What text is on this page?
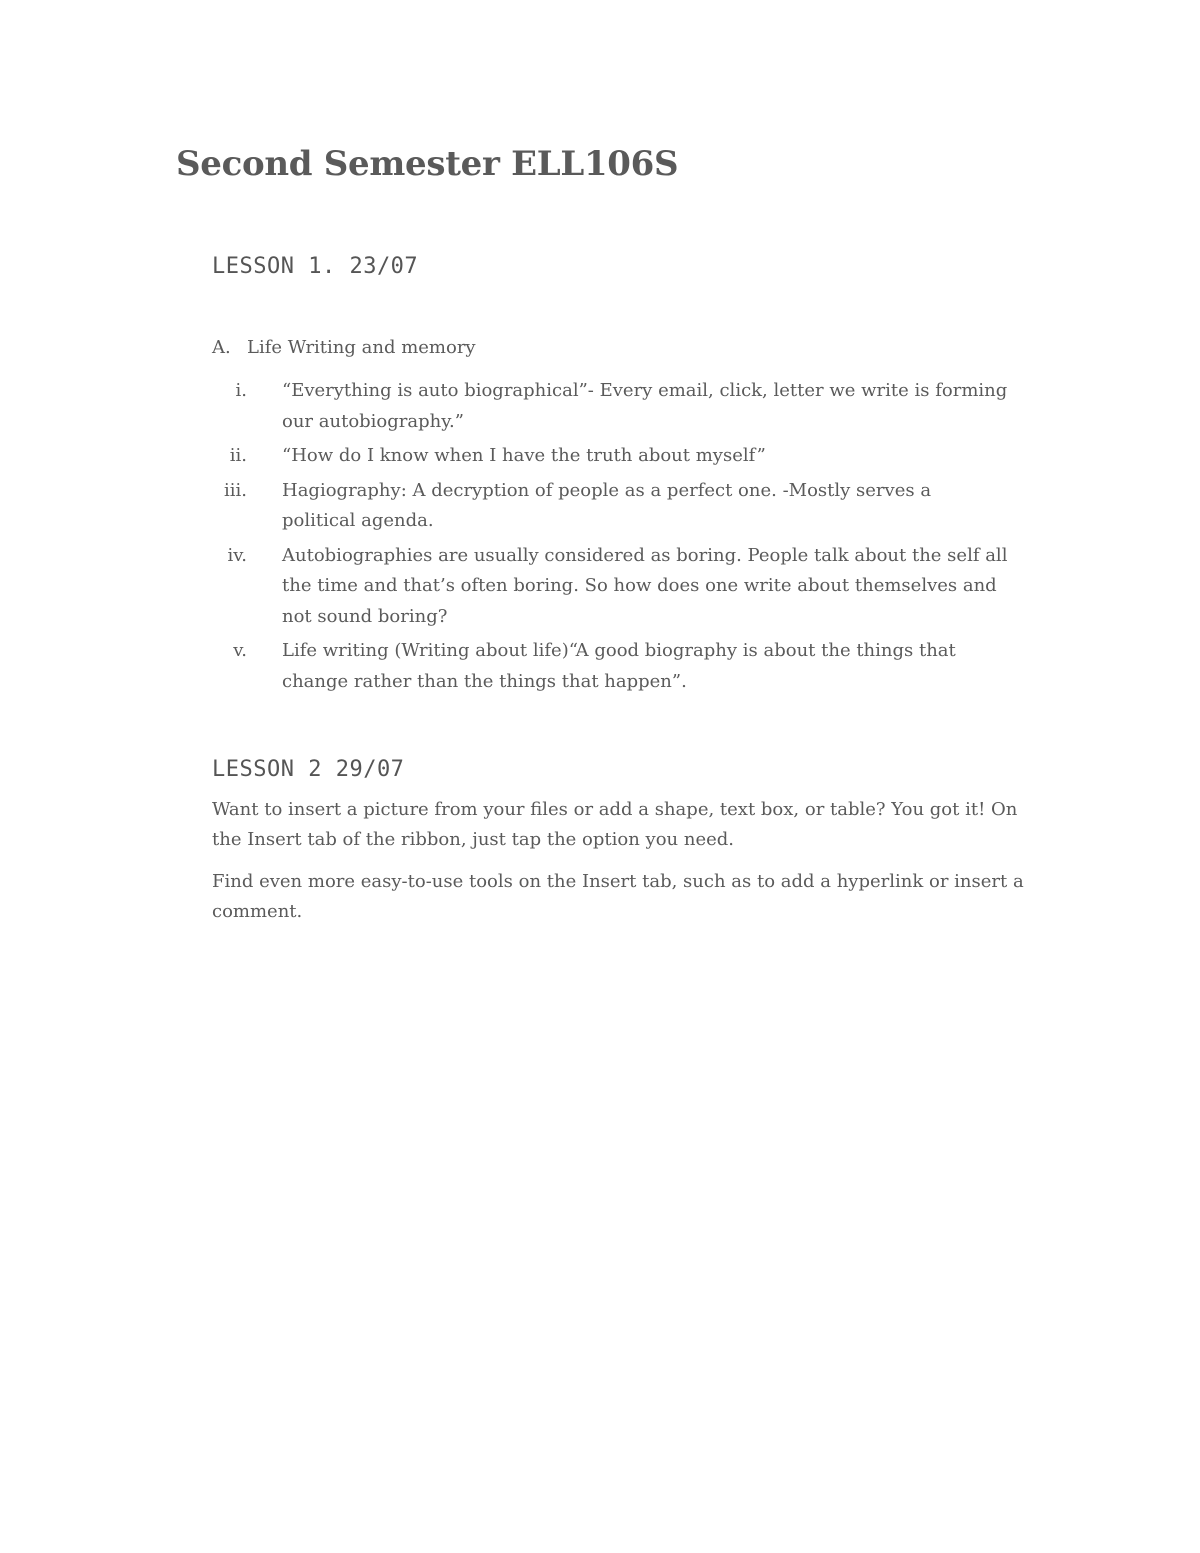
Second Semester ELL106S
LESSON 1. 23/07
A. Life Writing and memory
i. “Everything is auto biographical”- Every email, click, letter we write is forming our autobiography.”
ii. “How do I know when I have the truth about myself”
iii. Hagiography: A decryption of people as a perfect one. -Mostly serves a political agenda.
iv. Autobiographies are usually considered as boring. People talk about the self all the time and that’s often boring. So how does one write about themselves and not sound boring?
v. Life writing (Writing about life)“A good biography is about the things that change rather than the things that happen”.
LESSON 2 29/07

Want to insert a picture from your files or add a shape, text box, or table? You got it! On the Insert tab of the ribbon, just tap the option you need.

Find even more easy-to-use tools on the Insert tab, such as to add a hyperlink or insert a comment.
